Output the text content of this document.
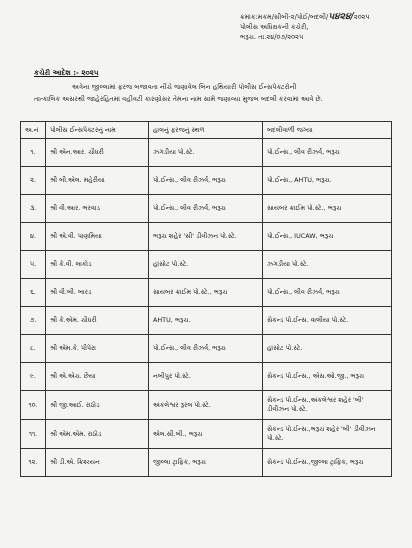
ક્રમાંક:મકમ/સીબી-૨/પોઈ/બદલી/૫૪૨૪/૨૦૨૫
પોલીસ અધિક્ષકની કચેરી,
ભરૂચ. તા.૨૪/૦૭/૨૦૨૫
કચેરી આદેશ :- ૨૦૨૫
અત્રેના જીલ્લામાં ફરજ બજાવતા નીચે જણાવેલ બિન હથિયારી પોલીસ ઈન્સપેક્ટરોની
તાત્કાલિક અસરથી જાહેરહિતમાં વહીવટી કારણોસર તેમના નામ સામે જણાવ્યા મુજબ બદલી કરવામાં આવે છે.
અ.નં	પોલીસ ઈન્સપેક્ટરનું નામ	હાલનું ફરજનું સ્થળ	બદલીવાળી જગ્યા
૧.	શ્રી એન.આર. ચૌધરી	ઝગડીયા પો.સ્ટે.	પો.ઈન્સ., લીવ રીઝર્વ, ભરૂચ
૨.	શ્રી બી.એલ. મહેરીયા	પો.ઈન્સ., લીવ રીઝર્વ, ભરૂચ	પો.ઈન્સ., AHTU, ભરૂચ.
૩.	શ્રી વી.આર. ભરવાડ	પો.ઈન્સ., લીવ રીઝર્વ, ભરૂચ	સાયબર ક્રાઈમ પો.સ્ટે., ભરૂચ
૪.	શ્રી એ.વી. પાણમિયા	ભરૂચ શહેર 'સી' ડીવીઝન પો.સ્ટે.	પો.ઈન્સ., IUCAW, ભરૂચ
૫.	શ્રી કે.વી. લાકોડ	હાંસોટ પો.સ્ટે.	ઝગડીયા પો.સ્ટે.
૬.	શ્રી વી.બી. બારડ	સાયબર ક્રાઈમ પો.સ્ટે., ભરૂચ	પો.ઈન્સ., લીવ રીઝર્વ, ભરૂચ
૭.	શ્રી કે.એમ. ચૌધરી	AHTU, ભરૂચ.	સેકન્ડ પો.ઈન્સ. વાલીયા પો.સ્ટે.
૮.	શ્રી એમ.કે. પીપેરા	પો.ઈન્સ., લીવ રીઝર્વ, ભરૂચ	હાંસોટ પો.સ્ટે.
૯.	શ્રી એ.એચ. છૈયા	નબીપુર પો.સ્ટે.	સેકન્ડ પો.ઈન્સ., એસ.ઓ.જી., ભરૂચ
૧૦.	શ્રી જી.આઈ. રાઠોડ	અંકલેશ્વર રૂરલ પો.સ્ટે.	સેકન્ડ પો.ઈન્સ.,અંકલેશ્વર શહેર 'બી' ડીવીઝન પો.સ્ટે.
૧૧.	શ્રી એમ.એમ. રાઠોડ	એલ.સી.બી., ભરૂચ	સેકન્ડ પો.ઈન્સ.,ભરૂચ શહેર 'બી' ડીવીઝન પો.સ્ટે.
૧૨.	શ્રી ડી.એ. ક્રિશ્ચ્યન	જીલ્લા ટ્રાફિક, ભરૂચ	સેકન્ડ પો.ઈન્સ.,જીલ્લા ટ્રાફિક, ભરૂચ
